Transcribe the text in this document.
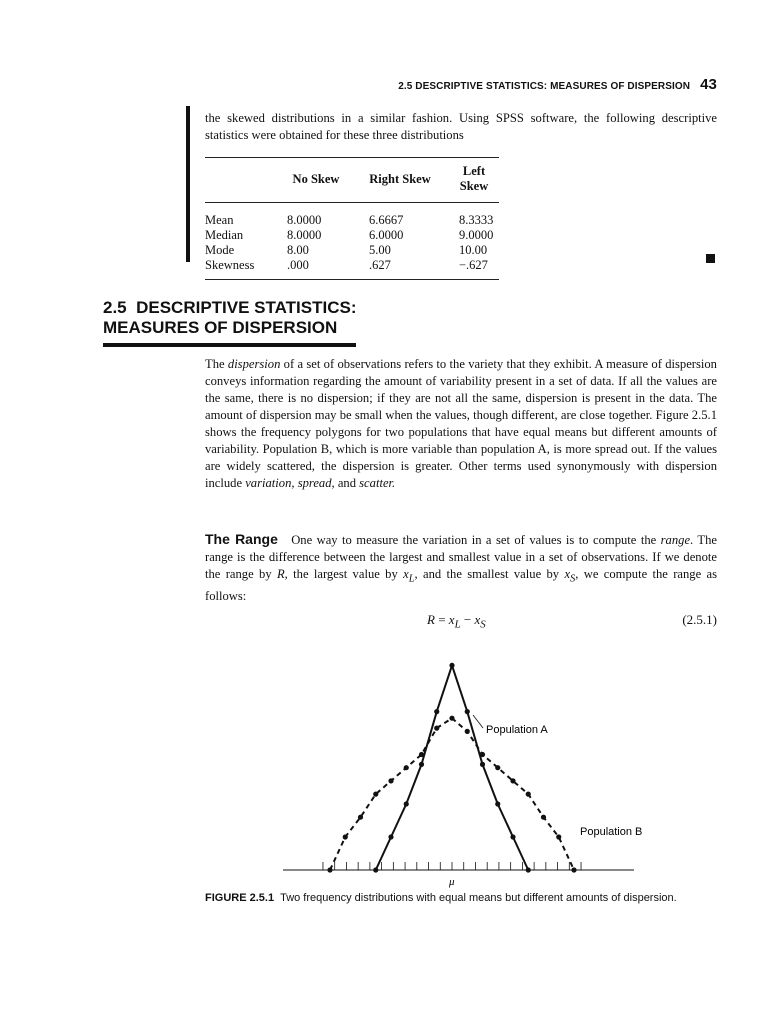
2.5 DESCRIPTIVE STATISTICS: MEASURES OF DISPERSION 43
the skewed distributions in a similar fashion. Using SPSS software, the following descriptive statistics were obtained for these three distributions
	No Skew	Right Skew	Left Skew
Mean	8.0000	6.6667	8.3333
Median	8.0000	6.0000	9.0000
Mode	8.00	5.00	10.00
Skewness	.000	.627	−.627
2.5 DESCRIPTIVE STATISTICS:
MEASURES OF DISPERSION
The dispersion of a set of observations refers to the variety that they exhibit. A measure of dispersion conveys information regarding the amount of variability present in a set of data. If all the values are the same, there is no dispersion; if they are not all the same, dispersion is present in the data. The amount of dispersion may be small when the values, though different, are close together. Figure 2.5.1 shows the frequency polygons for two populations that have equal means but different amounts of variability. Population B, which is more variable than population A, is more spread out. If the values are widely scattered, the dispersion is greater. Other terms used synonymously with dispersion include variation, spread, and scatter.
The Range One way to measure the variation in a set of values is to compute the range. The range is the difference between the largest and smallest value in a set of observations. If we denote the range by R, the largest value by $x_L$, and the smallest value by $x_S$, we compute the range as follows:
$R = x_L - x_S$	(2.5.1)
Population A
Population B
μ
FIGURE 2.5.1 Two frequency distributions with equal means but different amounts of dispersion.
